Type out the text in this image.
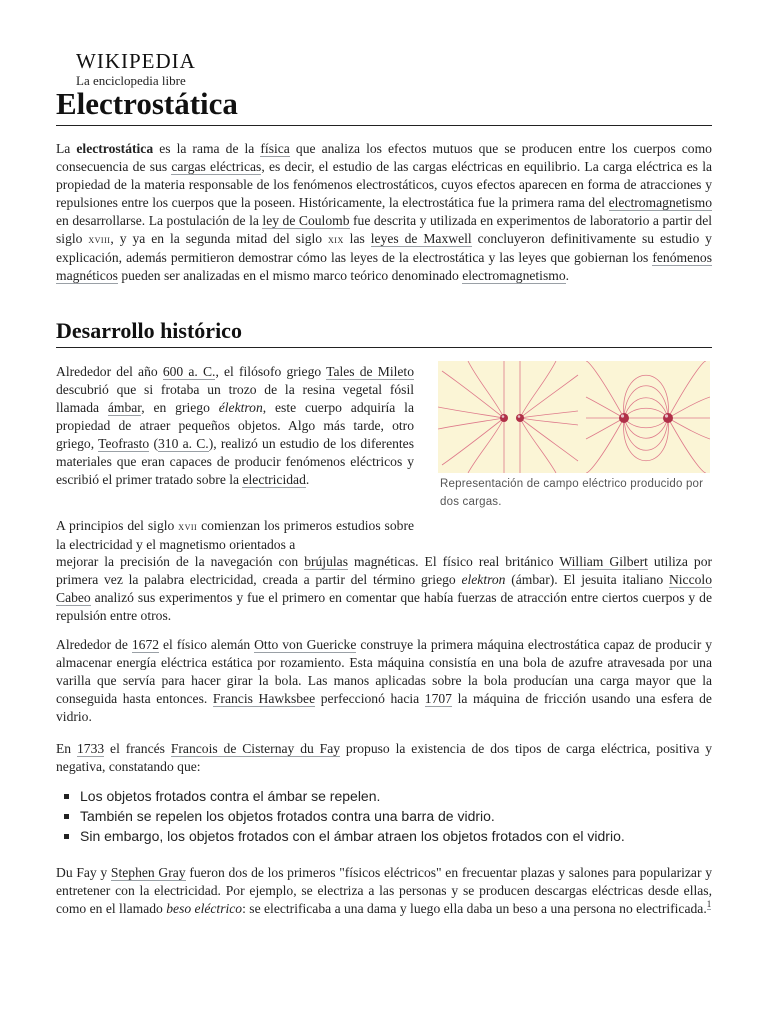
WIKIPEDIA
La enciclopedia libre
Electrostática

La electrostática es la rama de la física que analiza los efectos mutuos que se producen entre los cuerpos como consecuencia de sus cargas eléctricas, es decir, el estudio de las cargas eléctricas en equilibrio. La carga eléctrica es la propiedad de la materia responsable de los fenómenos electrostáticos, cuyos efectos aparecen en forma de atracciones y repulsiones entre los cuerpos que la poseen. Históricamente, la electrostática fue la primera rama del electromagnetismo en desarrollarse. La postulación de la ley de Coulomb fue descrita y utilizada en experimentos de laboratorio a partir del siglo xviii, y ya en la segunda mitad del siglo xix las leyes de Maxwell concluyeron definitivamente su estudio y explicación, además permitieron demostrar cómo las leyes de la electrostática y las leyes que gobiernan los fenómenos magnéticos pueden ser analizadas en el mismo marco teórico denominado electromagnetismo.

Desarrollo histórico
Representación de campo eléctrico producido por dos cargas.

Alrededor del año 600 a. C., el filósofo griego Tales de Mileto descubrió que si frotaba un trozo de la resina vegetal fósil llamada ámbar, en griego élektron, este cuerpo adquiría la propiedad de atraer pequeños objetos. Algo más tarde, otro griego, Teofrasto (310 a. C.), realizó un estudio de los diferentes materiales que eran capaces de producir fenómenos eléctricos y escribió el primer tratado sobre la electricidad.

A principios del siglo xvii comienzan los primeros estudios sobre la electricidad y el magnetismo orientados a

mejorar la precisión de la navegación con brújulas magnéticas. El físico real británico William Gilbert utiliza por primera vez la palabra electricidad, creada a partir del término griego elektron (ámbar). El jesuita italiano Niccolo Cabeo analizó sus experimentos y fue el primero en comentar que había fuerzas de atracción entre ciertos cuerpos y de repulsión entre otros.

Alrededor de 1672 el físico alemán Otto von Guericke construye la primera máquina electrostática capaz de producir y almacenar energía eléctrica estática por rozamiento. Esta máquina consistía en una bola de azufre atravesada por una varilla que servía para hacer girar la bola. Las manos aplicadas sobre la bola producían una carga mayor que la conseguida hasta entonces. Francis Hawksbee perfeccionó hacia 1707 la máquina de fricción usando una esfera de vidrio.

En 1733 el francés Francois de Cisternay du Fay propuso la existencia de dos tipos de carga eléctrica, positiva y negativa, constatando que:

Los objetos frotados contra el ámbar se repelen.
También se repelen los objetos frotados contra una barra de vidrio.
Sin embargo, los objetos frotados con el ámbar atraen los objetos frotados con el vidrio.

Du Fay y Stephen Gray fueron dos de los primeros "físicos eléctricos" en frecuentar plazas y salones para popularizar y entretener con la electricidad. Por ejemplo, se electriza a las personas y se producen descargas eléctricas desde ellas, como en el llamado beso eléctrico: se electrificaba a una dama y luego ella daba un beso a una persona no electrificada.$^1$
